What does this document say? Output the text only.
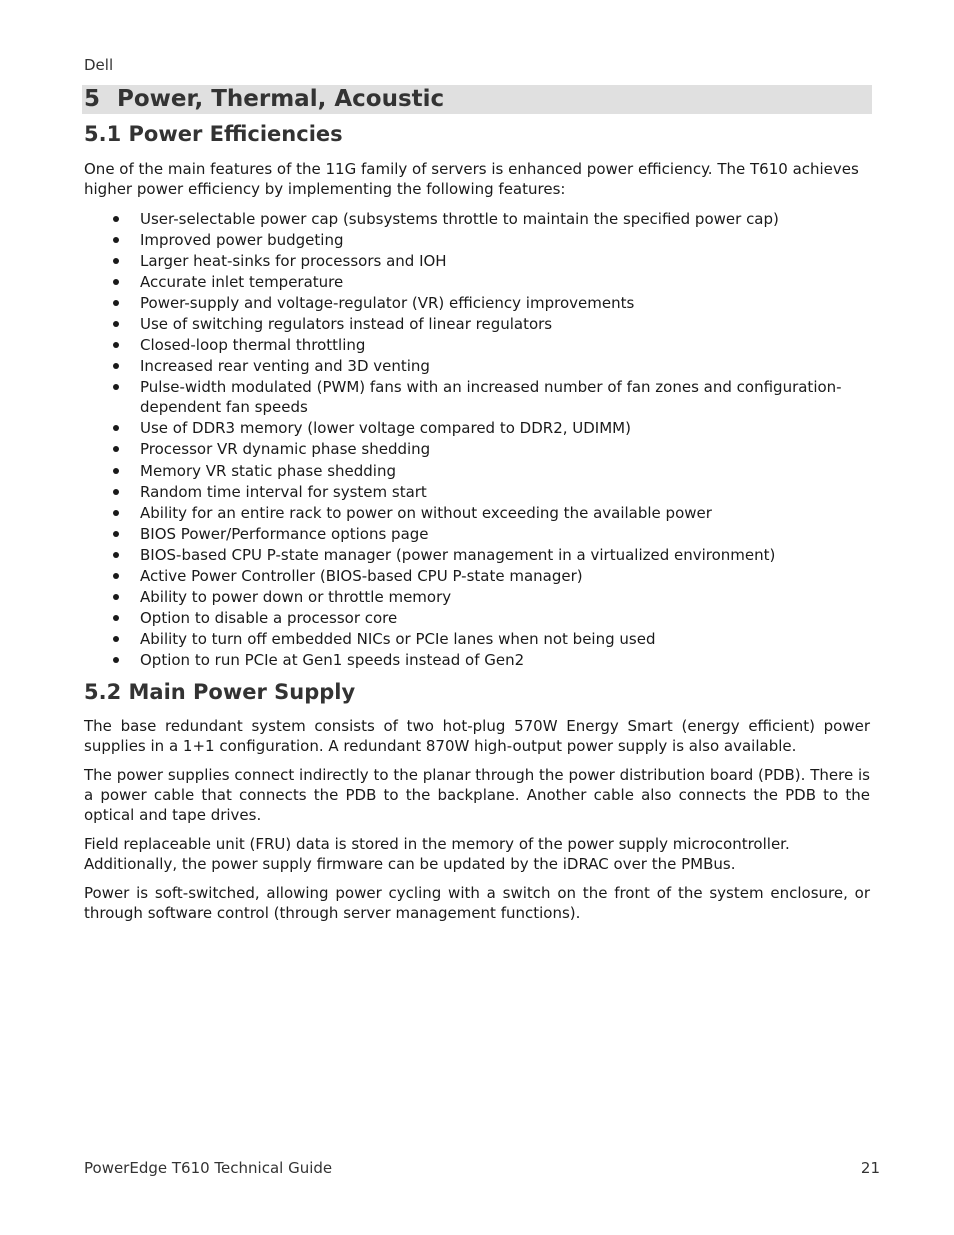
Dell
5 Power, Thermal, Acoustic
5.1 Power Efficiencies

One of the main features of the 11G family of servers is enhanced power efficiency. The T610 achieves higher power efficiency by implementing the following features:

User-selectable power cap (subsystems throttle to maintain the specified power cap)
Improved power budgeting
Larger heat-sinks for processors and IOH
Accurate inlet temperature
Power-supply and voltage-regulator (VR) efficiency improvements
Use of switching regulators instead of linear regulators
Closed-loop thermal throttling
Increased rear venting and 3D venting
Pulse-width modulated (PWM) fans with an increased number of fan zones and configuration-dependent fan speeds
Use of DDR3 memory (lower voltage compared to DDR2, UDIMM)
Processor VR dynamic phase shedding
Memory VR static phase shedding
Random time interval for system start
Ability for an entire rack to power on without exceeding the available power
BIOS Power/Performance options page
BIOS-based CPU P-state manager (power management in a virtualized environment)
Active Power Controller (BIOS-based CPU P-state manager)
Ability to power down or throttle memory
Option to disable a processor core
Ability to turn off embedded NICs or PCIe lanes when not being used
Option to run PCIe at Gen1 speeds instead of Gen2
5.2 Main Power Supply

The base redundant system consists of two hot-plug 570W Energy Smart (energy efficient) power supplies in a 1+1 configuration. A redundant 870W high-output power supply is also available.

The power supplies connect indirectly to the planar through the power distribution board (PDB). There is a power cable that connects the PDB to the backplane. Another cable also connects the PDB to the optical and tape drives.

Field replaceable unit (FRU) data is stored in the memory of the power supply microcontroller. Additionally, the power supply firmware can be updated by the iDRAC over the PMBus.

Power is soft-switched, allowing power cycling with a switch on the front of the system enclosure, or through software control (through server management functions).

PowerEdge T610 Technical Guide	21
